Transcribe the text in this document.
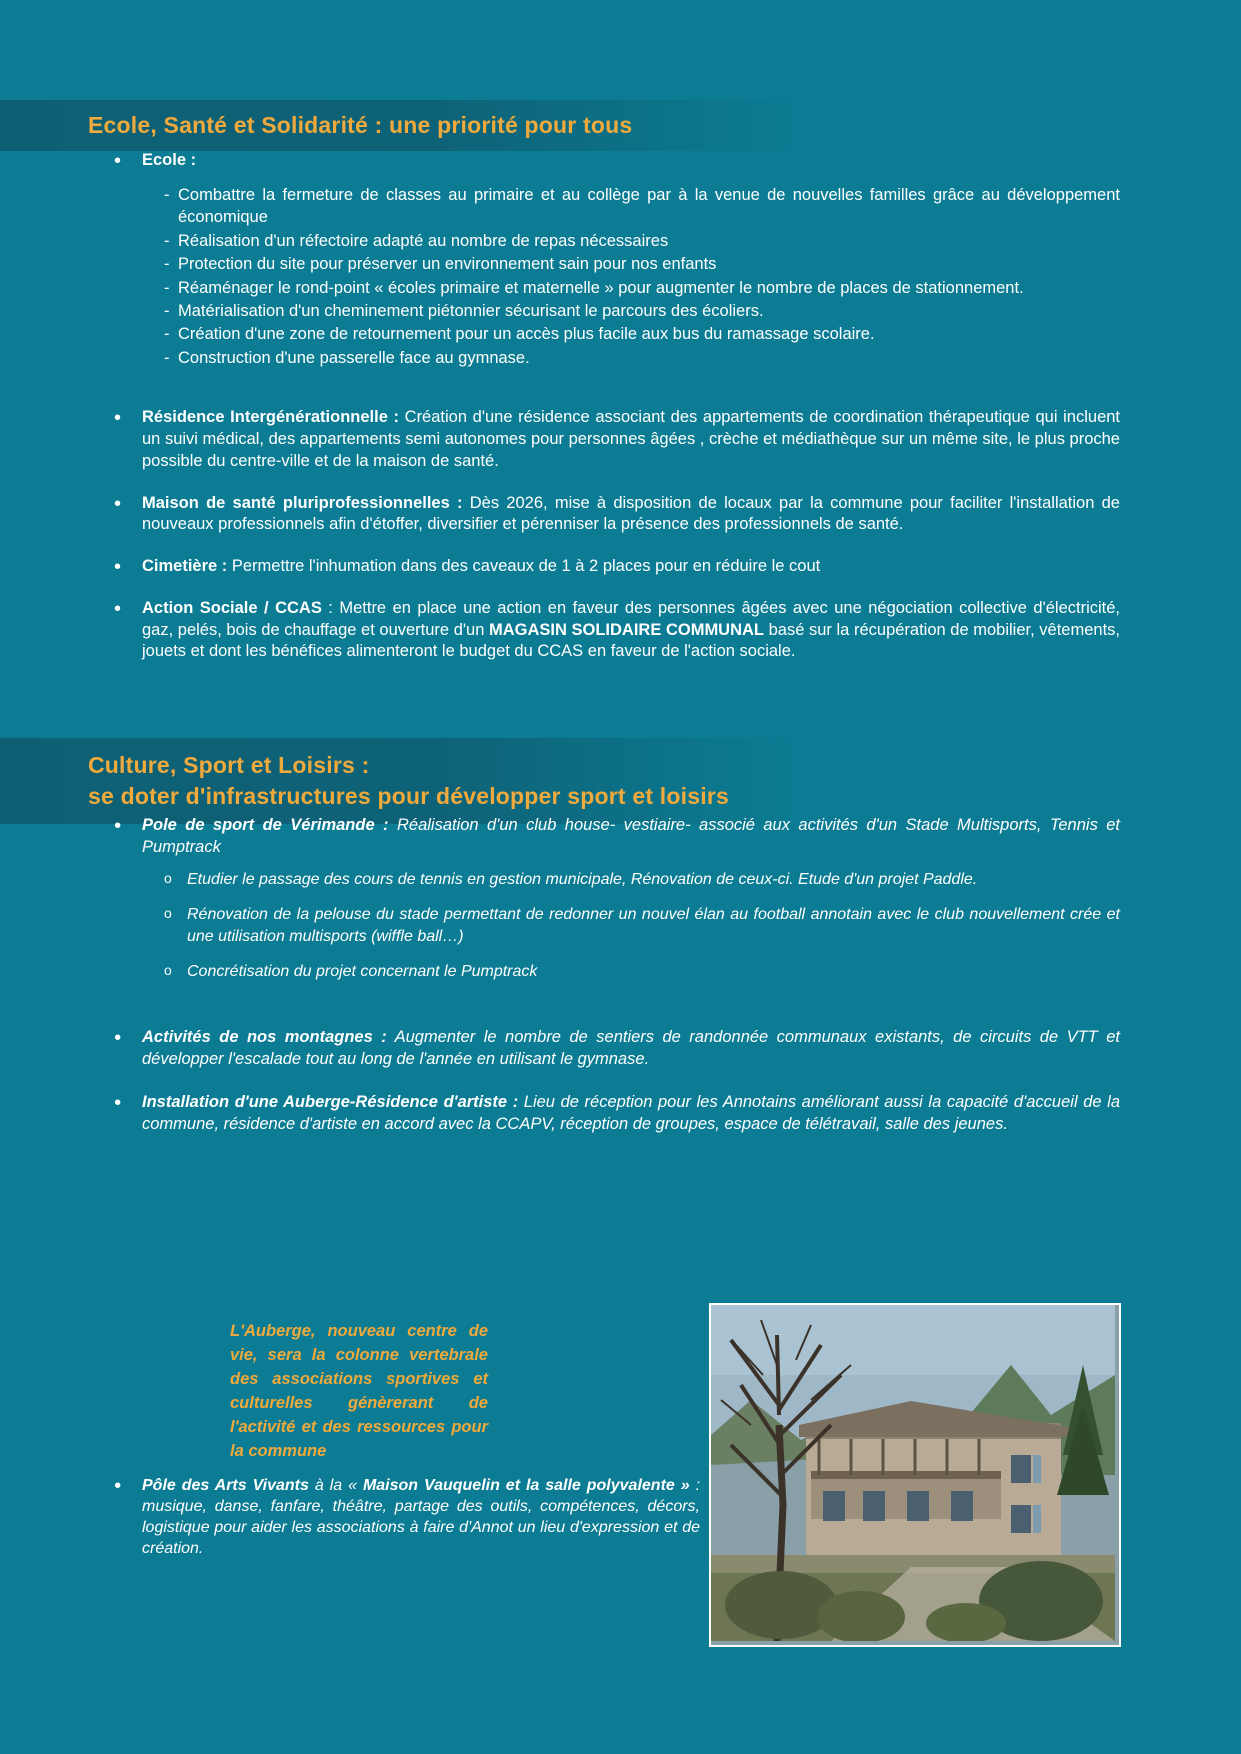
Ecole, Santé et Solidarité : une priorité pour tous
• Ecole :
- Combattre la fermeture de classes au primaire et au collège par à la venue de nouvelles familles grâce au développement économique
- Réalisation d'un réfectoire adapté au nombre de repas nécessaires
- Protection du site pour préserver un environnement sain pour nos enfants
- Réaménager le rond-point « écoles primaire et maternelle » pour augmenter le nombre de places de stationnement.
- Matérialisation d'un cheminement piétonnier sécurisant le parcours des écoliers.
- Création d'une zone de retournement pour un accès plus facile aux bus du ramassage scolaire.
- Construction d'une passerelle face au gymnase.
• Résidence Intergénérationnelle : Création d'une résidence associant des appartements de coordination thérapeutique qui incluent un suivi médical, des appartements semi autonomes pour personnes âgées , crèche et médiathèque sur un même site, le plus proche possible du centre-ville et de la maison de santé.
• Maison de santé pluriprofessionnelles : Dès 2026, mise à disposition de locaux par la commune pour faciliter l'installation de nouveaux professionnels afin d'étoffer, diversifier et pérenniser la présence des professionnels de santé.
• Cimetière : Permettre l'inhumation dans des caveaux de 1 à 2 places pour en réduire le cout
• Action Sociale / CCAS : Mettre en place une action en faveur des personnes âgées avec une négociation collective d'électricité, gaz, pelés, bois de chauffage et ouverture d'un MAGASIN SOLIDAIRE COMMUNAL basé sur la récupération de mobilier, vêtements, jouets et dont les bénéfices alimenteront le budget du CCAS en faveur de l'action sociale.
Culture, Sport et Loisirs :
se doter d'infrastructures pour développer sport et loisirs
• Pole de sport de Vérimande : Réalisation d'un club house- vestiaire- associé aux activités d'un Stade Multisports, Tennis et Pumptrack
o Etudier le passage des cours de tennis en gestion municipale, Rénovation de ceux-ci. Etude d'un projet Paddle.
o Rénovation de la pelouse du stade permettant de redonner un nouvel élan au football annotain avec le club nouvellement crée et une utilisation multisports (wiffle ball…)
o Concrétisation du projet concernant le Pumptrack
• Activités de nos montagnes : Augmenter le nombre de sentiers de randonnée communaux existants, de circuits de VTT et développer l'escalade tout au long de l'année en utilisant le gymnase.
• Installation d'une Auberge-Résidence d'artiste : Lieu de réception pour les Annotains améliorant aussi la capacité d'accueil de la commune, résidence d'artiste en accord avec la CCAPV, réception de groupes, espace de télétravail, salle des jeunes.
L'Auberge, nouveau centre de vie, sera la colonne vertebrale des associations sportives et culturelles génèrerant de l'activité et des ressources pour la commune
• Pôle des Arts Vivants à la « Maison Vauquelin et la salle polyvalente » : musique, danse, fanfare, théâtre, partage des outils, compétences, décors, logistique pour aider les associations à faire d'Annot un lieu d'expression et de création.
